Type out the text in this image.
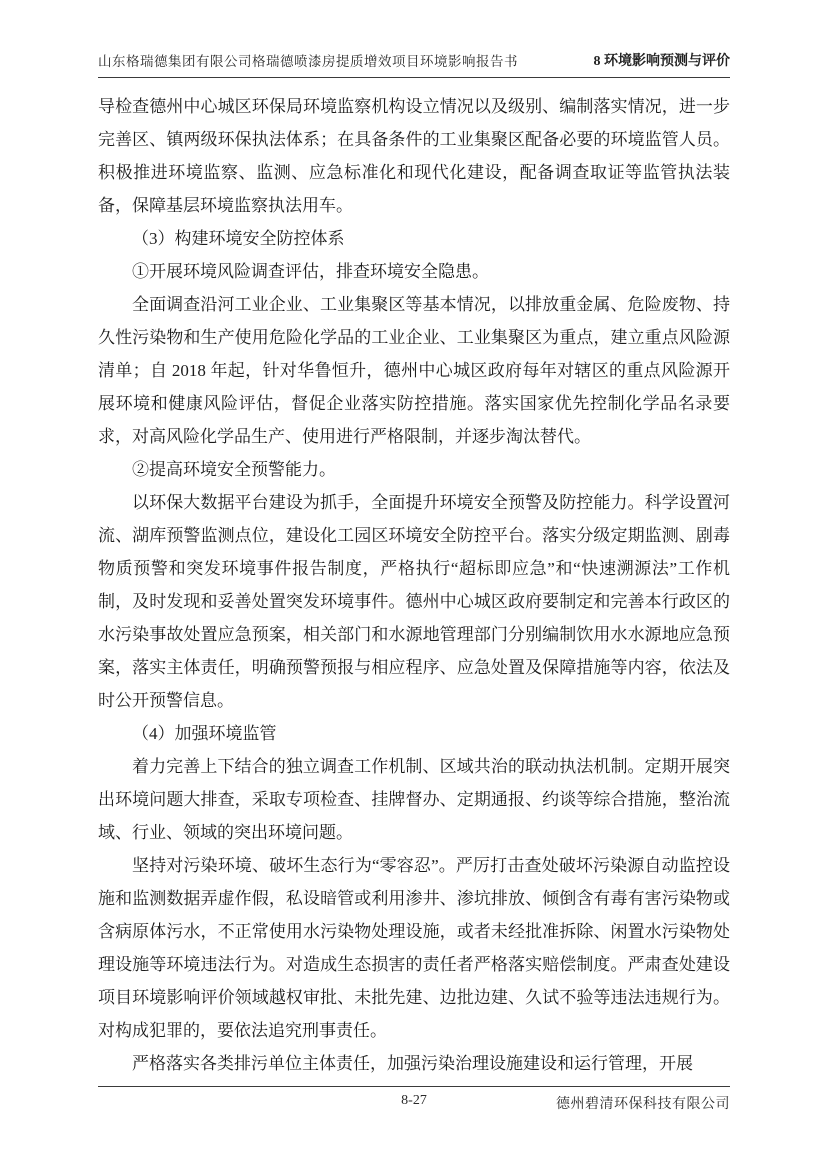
山东格瑞德集团有限公司格瑞德喷漆房提质增效项目环境影响报告书	8 环境影响预测与评价

导检查德州中心城区环保局环境监察机构设立情况以及级别、编制落实情况，进一步完善区、镇两级环保执法体系；在具备条件的工业集聚区配备必要的环境监管人员。积极推进环境监察、监测、应急标准化和现代化建设，配备调查取证等监管执法装备，保障基层环境监察执法用车。

（3）构建环境安全防控体系

①开展环境风险调查评估，排查环境安全隐患。

全面调查沿河工业企业、工业集聚区等基本情况，以排放重金属、危险废物、持久性污染物和生产使用危险化学品的工业企业、工业集聚区为重点，建立重点风险源清单；自 2018 年起，针对华鲁恒升，德州中心城区政府每年对辖区的重点风险源开展环境和健康风险评估，督促企业落实防控措施。落实国家优先控制化学品名录要求，对高风险化学品生产、使用进行严格限制，并逐步淘汰替代。

②提高环境安全预警能力。

以环保大数据平台建设为抓手，全面提升环境安全预警及防控能力。科学设置河流、湖库预警监测点位，建设化工园区环境安全防控平台。落实分级定期监测、剧毒物质预警和突发环境事件报告制度，严格执行“超标即应急”和“快速溯源法”工作机制，及时发现和妥善处置突发环境事件。德州中心城区政府要制定和完善本行政区的水污染事故处置应急预案，相关部门和水源地管理部门分别编制饮用水水源地应急预案，落实主体责任，明确预警预报与相应程序、应急处置及保障措施等内容，依法及时公开预警信息。

（4）加强环境监管

着力完善上下结合的独立调查工作机制、区域共治的联动执法机制。定期开展突出环境问题大排查，采取专项检查、挂牌督办、定期通报、约谈等综合措施，整治流域、行业、领域的突出环境问题。

坚持对污染环境、破坏生态行为“零容忍”。严厉打击查处破坏污染源自动监控设施和监测数据弄虚作假，私设暗管或利用渗井、渗坑排放、倾倒含有毒有害污染物或含病原体污水，不正常使用水污染物处理设施，或者未经批准拆除、闲置水污染物处理设施等环境违法行为。对造成生态损害的责任者严格落实赔偿制度。严肃查处建设项目环境影响评价领域越权审批、未批先建、边批边建、久试不验等违法违规行为。对构成犯罪的，要依法追究刑事责任。

严格落实各类排污单位主体责任，加强污染治理设施建设和运行管理，开展

8-27	德州碧清环保科技有限公司
